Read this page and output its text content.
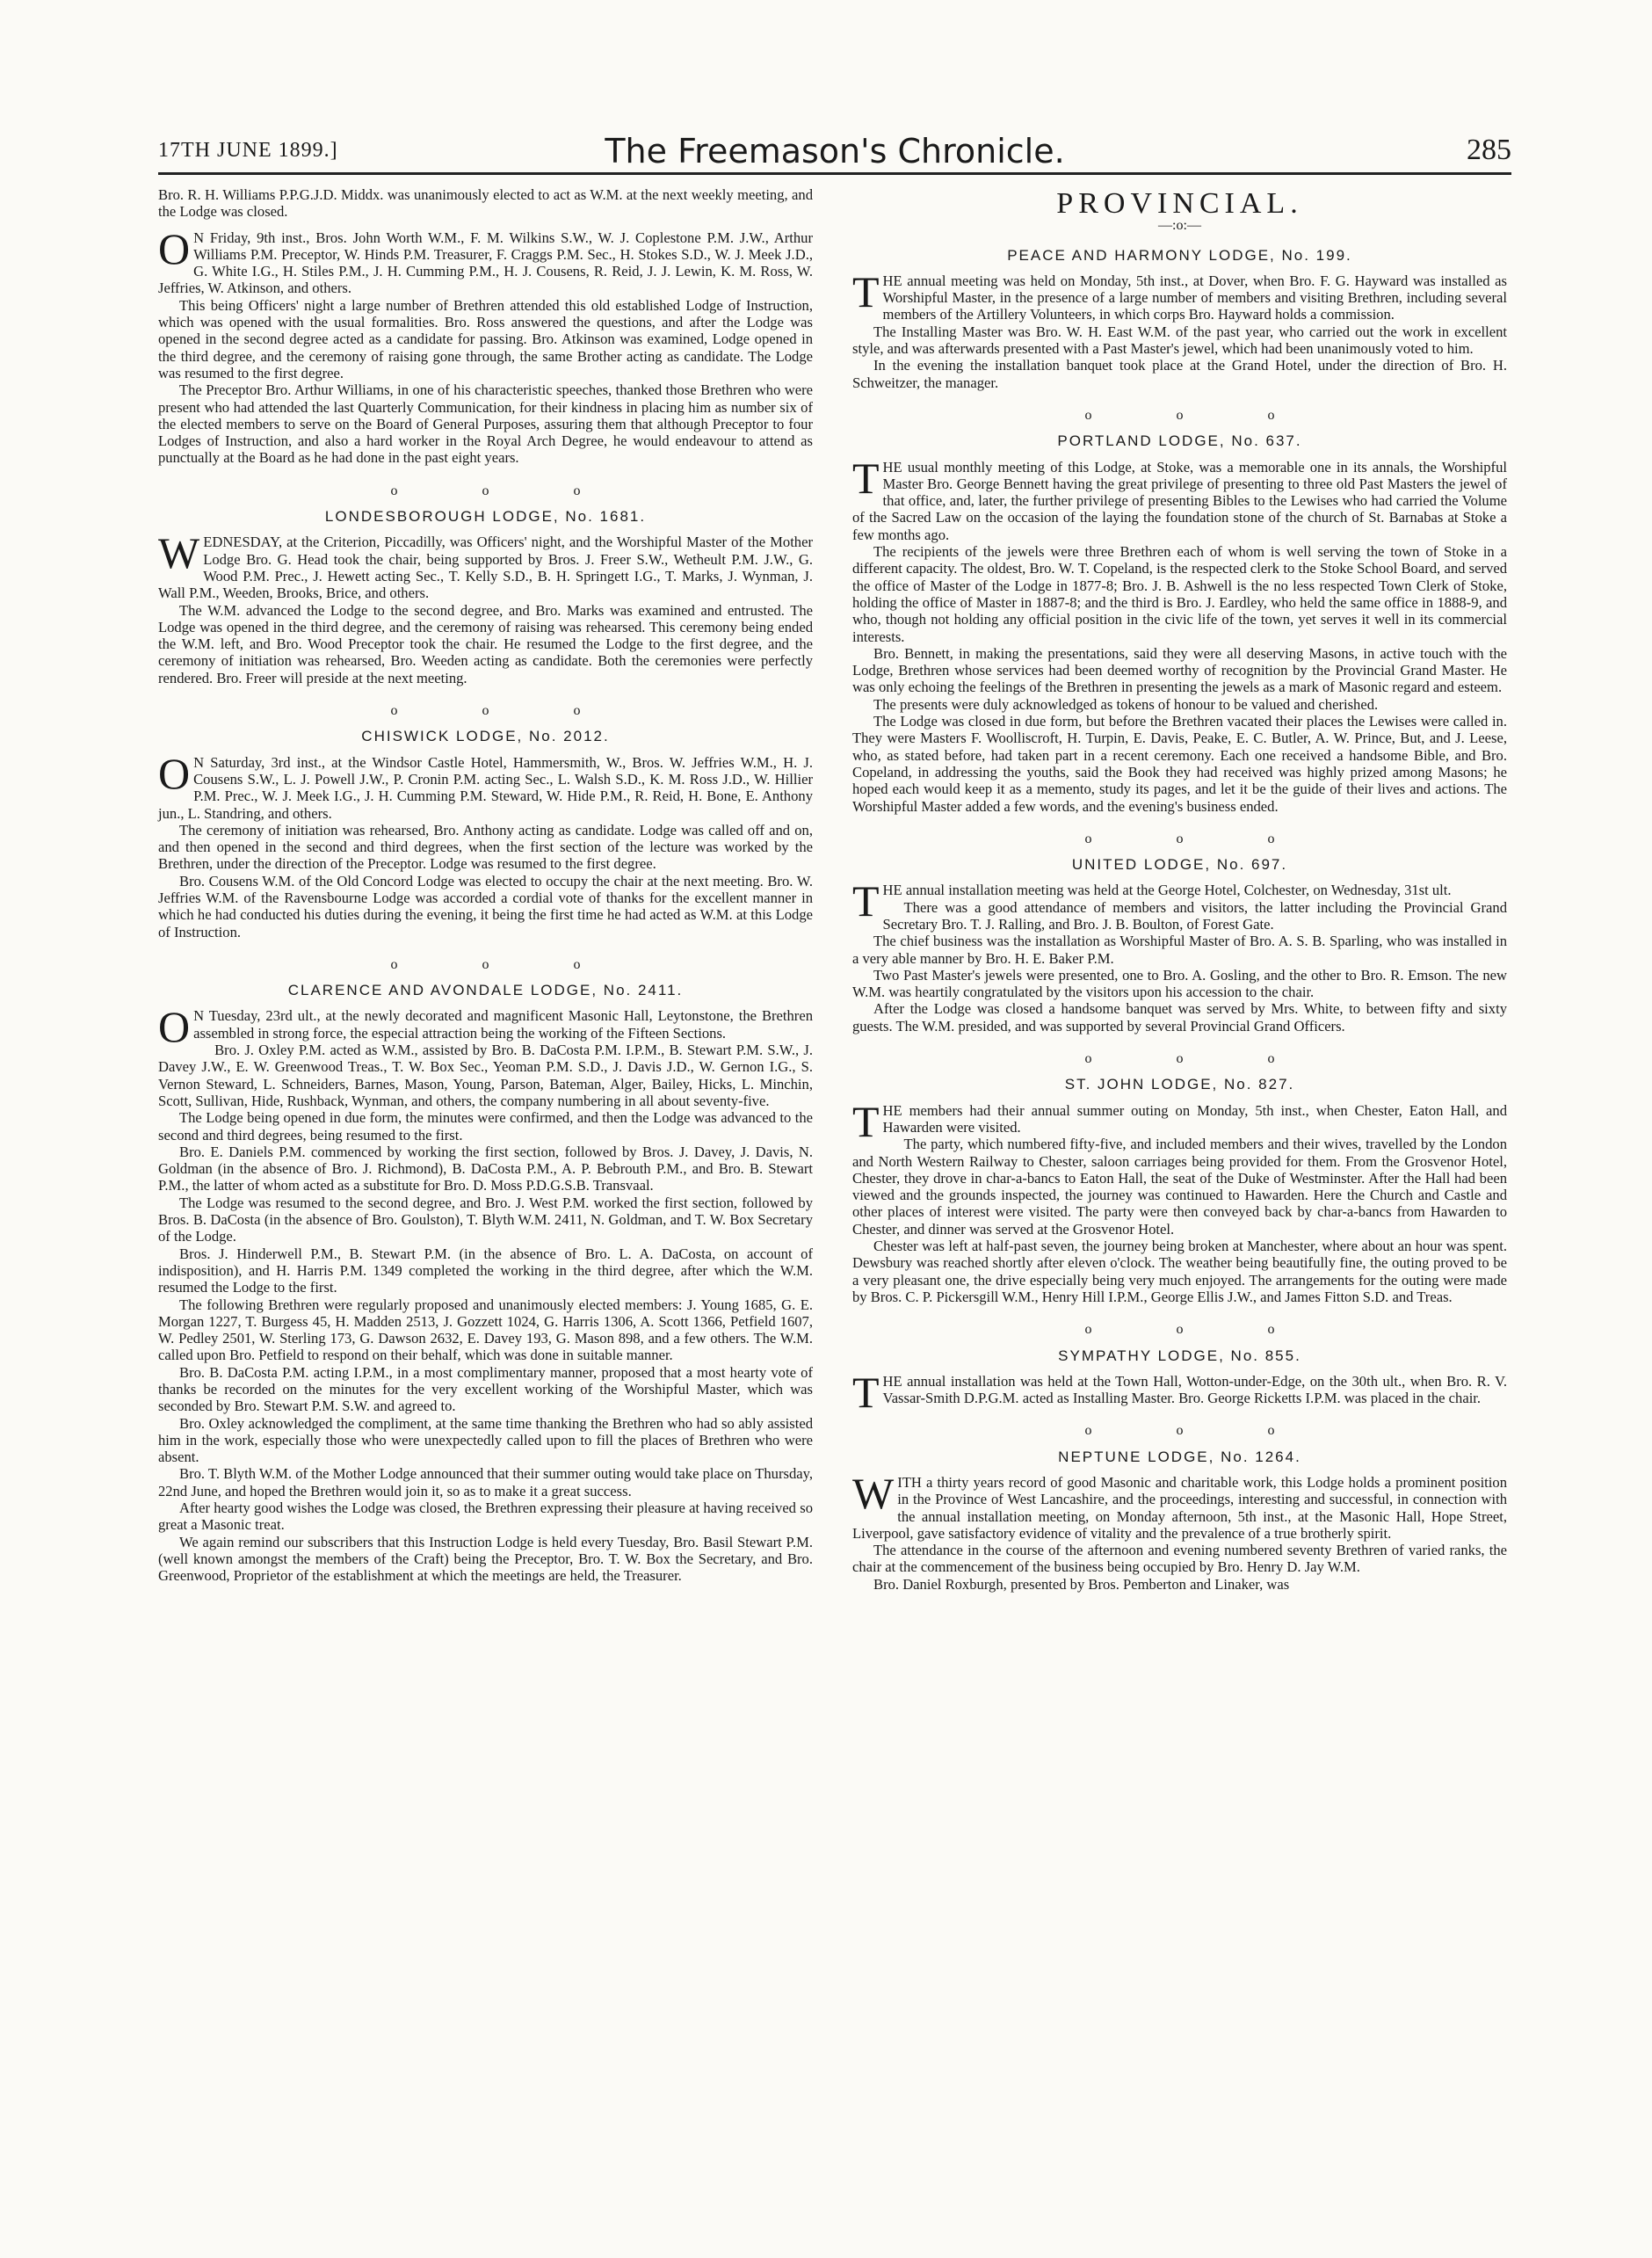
17TH JUNE 1899.]	The Freemason's Chronicle.	285

Bro. R. H. Williams P.P.G.J.D. Middx. was unanimously elected to act as W.M. at the next weekly meeting, and the Lodge was closed.

O N Friday, 9th inst., Bros. John Worth W.M., F. M. Wilkins S.W., W. J. Coplestone P.M. J.W., Arthur Williams P.M. Preceptor, W. Hinds P.M. Treasurer, F. Craggs P.M. Sec., H. Stokes S.D., W. J. Meek J.D., G. White I.G., H. Stiles P.M., J. H. Cumming P.M., H. J. Cousens, R. Reid, J. J. Lewin, K. M. Ross, W. Jeffries, W. Atkinson, and others.

This being Officers' night a large number of Brethren attended this old established Lodge of Instruction, which was opened with the usual formalities. Bro. Ross answered the questions, and after the Lodge was opened in the second degree acted as a candidate for passing. Bro. Atkinson was examined, Lodge opened in the third degree, and the ceremony of raising gone through, the same Brother acting as candidate. The Lodge was resumed to the first degree.

The Preceptor Bro. Arthur Williams, in one of his characteristic speeches, thanked those Brethren who were present who had attended the last Quarterly Communication, for their kindness in placing him as number six of the elected members to serve on the Board of General Purposes, assuring them that although Preceptor to four Lodges of Instruction, and also a hard worker in the Royal Arch Degree, he would endeavour to attend as punctually at the Board as he had done in the past eight years.

o o o
LONDESBOROUGH LODGE, No. 1681.

WEDNESDAY, at the Criterion, Piccadilly, was Officers' night, and the Worshipful Master of the Mother Lodge Bro. G. Head took the chair, being supported by Bros. J. Freer S.W., Wetheult P.M. J.W., G. Wood P.M. Prec., J. Hewett acting Sec., T. Kelly S.D., B. H. Springett I.G., T. Marks, J. Wynman, J. Wall P.M., Weeden, Brooks, Brice, and others.

The W.M. advanced the Lodge to the second degree, and Bro. Marks was examined and entrusted. The Lodge was opened in the third degree, and the ceremony of raising was rehearsed. This ceremony being ended the W.M. left, and Bro. Wood Preceptor took the chair. He resumed the Lodge to the first degree, and the ceremony of initiation was rehearsed, Bro. Weeden acting as candidate. Both the ceremonies were perfectly rendered. Bro. Freer will preside at the next meeting.

o o o
CHISWICK LODGE, No. 2012.

O N Saturday, 3rd inst., at the Windsor Castle Hotel, Hammersmith, W., Bros. W. Jeffries W.M., H. J. Cousens S.W., L. J. Powell J.W., P. Cronin P.M. acting Sec., L. Walsh S.D., K. M. Ross J.D., W. Hillier P.M. Prec., W. J. Meek I.G., J. H. Cumming P.M. Steward, W. Hide P.M., R. Reid, H. Bone, E. Anthony jun., L. Standring, and others.

The ceremony of initiation was rehearsed, Bro. Anthony acting as candidate. Lodge was called off and on, and then opened in the second and third degrees, when the first section of the lecture was worked by the Brethren, under the direction of the Preceptor. Lodge was resumed to the first degree.

Bro. Cousens W.M. of the Old Concord Lodge was elected to occupy the chair at the next meeting. Bro. W. Jeffries W.M. of the Ravensbourne Lodge was accorded a cordial vote of thanks for the excellent manner in which he had conducted his duties during the evening, it being the first time he had acted as W.M. at this Lodge of Instruction.

o o o
CLARENCE AND AVONDALE LODGE, No. 2411.

O N Tuesday, 23rd ult., at the newly decorated and magnificent Masonic Hall, Leytonstone, the Brethren assembled in strong force, the especial attraction being the working of the Fifteen Sections.

Bro. J. Oxley P.M. acted as W.M., assisted by Bro. B. DaCosta P.M. I.P.M., B. Stewart P.M. S.W., J. Davey J.W., E. W. Greenwood Treas., T. W. Box Sec., Yeoman P.M. S.D., J. Davis J.D., W. Gernon I.G., S. Vernon Steward, L. Schneiders, Barnes, Mason, Young, Parson, Bateman, Alger, Bailey, Hicks, L. Minchin, Scott, Sullivan, Hide, Rushback, Wynman, and others, the company numbering in all about seventy-five.

The Lodge being opened in due form, the minutes were confirmed, and then the Lodge was advanced to the second and third degrees, being resumed to the first.

Bro. E. Daniels P.M. commenced by working the first section, followed by Bros. J. Davey, J. Davis, N. Goldman (in the absence of Bro. J. Richmond), B. DaCosta P.M., A. P. Bebrouth P.M., and Bro. B. Stewart P.M., the latter of whom acted as a substitute for Bro. D. Moss P.D.G.S.B. Transvaal.

The Lodge was resumed to the second degree, and Bro. J. West P.M. worked the first section, followed by Bros. B. DaCosta (in the absence of Bro. Goulston), T. Blyth W.M. 2411, N. Goldman, and T. W. Box Secretary of the Lodge.

Bros. J. Hinderwell P.M., B. Stewart P.M. (in the absence of Bro. L. A. DaCosta, on account of indisposition), and H. Harris P.M. 1349 completed the working in the third degree, after which the W.M. resumed the Lodge to the first.

The following Brethren were regularly proposed and unanimously elected members: J. Young 1685, G. E. Morgan 1227, T. Burgess 45, H. Madden 2513, J. Gozzett 1024, G. Harris 1306, A. Scott 1366, Petfield 1607, W. Pedley 2501, W. Sterling 173, G. Dawson 2632, E. Davey 193, G. Mason 898, and a few others. The W.M. called upon Bro. Petfield to respond on their behalf, which was done in suitable manner.

Bro. B. DaCosta P.M. acting I.P.M., in a most complimentary manner, proposed that a most hearty vote of thanks be recorded on the minutes for the very excellent working of the Worshipful Master, which was seconded by Bro. Stewart P.M. S.W. and agreed to.

Bro. Oxley acknowledged the compliment, at the same time thanking the Brethren who had so ably assisted him in the work, especially those who were unexpectedly called upon to fill the places of Brethren who were absent.

Bro. T. Blyth W.M. of the Mother Lodge announced that their summer outing would take place on Thursday, 22nd June, and hoped the Brethren would join it, so as to make it a great success.

After hearty good wishes the Lodge was closed, the Brethren expressing their pleasure at having received so great a Masonic treat.

We again remind our subscribers that this Instruction Lodge is held every Tuesday, Bro. Basil Stewart P.M. (well known amongst the members of the Craft) being the Preceptor, Bro. T. W. Box the Secretary, and Bro. Greenwood, Proprietor of the establishment at which the meetings are held, the Treasurer.

PROVINCIAL.
—:o:—
PEACE AND HARMONY LODGE, No. 199.

THE annual meeting was held on Monday, 5th inst., at Dover, when Bro. F. G. Hayward was installed as Worshipful Master, in the presence of a large number of members and visiting Brethren, including several members of the Artillery Volunteers, in which corps Bro. Hayward holds a commission.

The Installing Master was Bro. W. H. East W.M. of the past year, who carried out the work in excellent style, and was afterwards presented with a Past Master's jewel, which had been unanimously voted to him.

In the evening the installation banquet took place at the Grand Hotel, under the direction of Bro. H. Schweitzer, the manager.

o o o
PORTLAND LODGE, No. 637.

THE usual monthly meeting of this Lodge, at Stoke, was a memorable one in its annals, the Worshipful Master Bro. George Bennett having the great privilege of presenting to three old Past Masters the jewel of that office, and, later, the further privilege of presenting Bibles to the Lewises who had carried the Volume of the Sacred Law on the occasion of the laying the foundation stone of the church of St. Barnabas at Stoke a few months ago.

The recipients of the jewels were three Brethren each of whom is well serving the town of Stoke in a different capacity. The oldest, Bro. W. T. Copeland, is the respected clerk to the Stoke School Board, and served the office of Master of the Lodge in 1877-8; Bro. J. B. Ashwell is the no less respected Town Clerk of Stoke, holding the office of Master in 1887-8; and the third is Bro. J. Eardley, who held the same office in 1888-9, and who, though not holding any official position in the civic life of the town, yet serves it well in its commercial interests.

Bro. Bennett, in making the presentations, said they were all deserving Masons, in active touch with the Lodge, Brethren whose services had been deemed worthy of recognition by the Provincial Grand Master. He was only echoing the feelings of the Brethren in presenting the jewels as a mark of Masonic regard and esteem.

The presents were duly acknowledged as tokens of honour to be valued and cherished.

The Lodge was closed in due form, but before the Brethren vacated their places the Lewises were called in. They were Masters F. Woolliscroft, H. Turpin, E. Davis, Peake, E. C. Butler, A. W. Prince, But, and J. Leese, who, as stated before, had taken part in a recent ceremony. Each one received a handsome Bible, and Bro. Copeland, in addressing the youths, said the Book they had received was highly prized among Masons; he hoped each would keep it as a memento, study its pages, and let it be the guide of their lives and actions. The Worshipful Master added a few words, and the evening's business ended.

o o o
UNITED LODGE, No. 697.

THE annual installation meeting was held at the George Hotel, Colchester, on Wednesday, 31st ult.

There was a good attendance of members and visitors, the latter including the Provincial Grand Secretary Bro. T. J. Ralling, and Bro. J. B. Boulton, of Forest Gate.

The chief business was the installation as Worshipful Master of Bro. A. S. B. Sparling, who was installed in a very able manner by Bro. H. E. Baker P.M.

Two Past Master's jewels were presented, one to Bro. A. Gosling, and the other to Bro. R. Emson. The new W.M. was heartily congratulated by the visitors upon his accession to the chair.

After the Lodge was closed a handsome banquet was served by Mrs. White, to between fifty and sixty guests. The W.M. presided, and was supported by several Provincial Grand Officers.

o o o
ST. JOHN LODGE, No. 827.

THE members had their annual summer outing on Monday, 5th inst., when Chester, Eaton Hall, and Hawarden were visited.

The party, which numbered fifty-five, and included members and their wives, travelled by the London and North Western Railway to Chester, saloon carriages being provided for them. From the Grosvenor Hotel, Chester, they drove in char-a-bancs to Eaton Hall, the seat of the Duke of Westminster. After the Hall had been viewed and the grounds inspected, the journey was continued to Hawarden. Here the Church and Castle and other places of interest were visited. The party were then conveyed back by char-a-bancs from Hawarden to Chester, and dinner was served at the Grosvenor Hotel.

Chester was left at half-past seven, the journey being broken at Manchester, where about an hour was spent. Dewsbury was reached shortly after eleven o'clock. The weather being beautifully fine, the outing proved to be a very pleasant one, the drive especially being very much enjoyed. The arrangements for the outing were made by Bros. C. P. Pickersgill W.M., Henry Hill I.P.M., George Ellis J.W., and James Fitton S.D. and Treas.

o o o
SYMPATHY LODGE, No. 855.

THE annual installation was held at the Town Hall, Wotton-under-Edge, on the 30th ult., when Bro. R. V. Vassar-Smith D.P.G.M. acted as Installing Master. Bro. George Ricketts I.P.M. was placed in the chair.

o o o
NEPTUNE LODGE, No. 1264.

WITH a thirty years record of good Masonic and charitable work, this Lodge holds a prominent position in the Province of West Lancashire, and the proceedings, interesting and successful, in connection with the annual installation meeting, on Monday afternoon, 5th inst., at the Masonic Hall, Hope Street, Liverpool, gave satisfactory evidence of vitality and the prevalence of a true brotherly spirit.

The attendance in the course of the afternoon and evening numbered seventy Brethren of varied ranks, the chair at the commencement of the business being occupied by Bro. Henry D. Jay W.M.

Bro. Daniel Roxburgh, presented by Bros. Pemberton and Linaker, was
